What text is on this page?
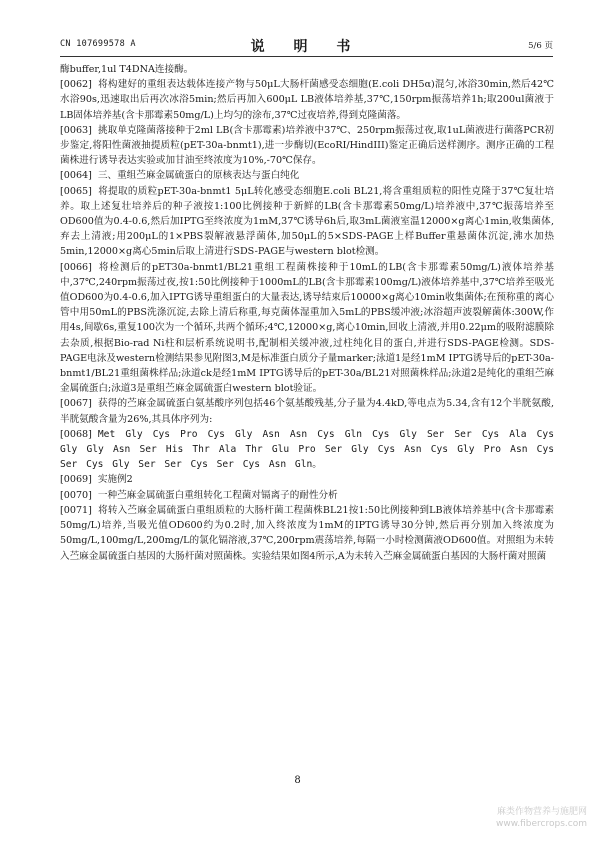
CN 107699578 A	说 明 书	5/6 页

酶buffer,1ul T4DNA连接酶。

[0062] 将构建好的重组表达载体连接产物与50μL大肠杆菌感受态细胞(E.coli DH5α)混匀,冰浴30min,然后42℃水浴90s,迅速取出后再次冰浴5min;然后再加入600μL LB液体培养基,37℃,150rpm振荡培养1h;取200ul菌液于LB固体培养基(含卡那霉素50mg/L)上均匀的涂布,37℃过夜培养,得到克隆菌落。

[0063] 挑取单克隆菌落接种于2ml LB(含卡那霉素)培养液中37℃、250rpm振荡过夜,取1uL菌液进行菌落PCR初步鉴定,将阳性菌液抽提质粒(pET-30a-bnmt1),进一步酶切(EcoRI/HindIII)鉴定正确后送样测序。测序正确的工程菌株进行诱导表达实验或加甘油至终浓度为10%,-70℃保存。

[0064] 三、重组苎麻金属硫蛋白的原核表达与蛋白纯化

[0065] 将提取的质粒pET-30a-bnmt1 5μL转化感受态细胞E.coli BL21,将含重组质粒的阳性克隆于37℃复壮培养。取上述复壮培养后的种子液按1:100比例接种于新鲜的LB(含卡那霉素50mg/L)培养液中,37℃振荡培养至OD600值为0.4-0.6,然后加IPTG至终浓度为1mM,37℃诱导6h后,取3mL菌液室温12000×g离心1min,收集菌体,弃去上清液;用200μL的1×PBS裂解液悬浮菌体,加50μL的5×SDS-PAGE上样Buffer重悬菌体沉淀,沸水加热5min,12000×g离心5min后取上清进行SDS-PAGE与western blot检测。

[0066] 将检测后的pET30a-bnmt1/BL21重组工程菌株接种于10mL的LB(含卡那霉素50mg/L)液体培养基中,37℃,240rpm振荡过夜,按1:50比例接种于1000mL的LB(含卡那霉素100mg/L)液体培养基中,37℃培养至吸光值OD600为0.4-0.6,加入IPTG诱导重组蛋白的大量表达,诱导结束后10000×g离心10min收集菌体;在预称重的离心管中用50mL的PBS洗涤沉淀,去除上清后称重,每克菌体湿重加入5mL的PBS缓冲液;冰浴超声波裂解菌体:300W,作用4s,间歇6s,重复100次为一个循环,共两个循环;4℃,12000×g,离心10min,回收上清液,并用0.22μm的吸附滤膜除去杂质,根据Bio-rad Ni柱和层析系统说明书,配制相关缓冲液,过柱纯化目的蛋白,并进行SDS-PAGE检测。SDS-PAGE电泳及western检测结果参见附图3,M是标准蛋白质分子量marker;泳道1是经1mM IPTG诱导后的pET-30a-bnmt1/BL21重组菌株样品;泳道ck是经1mM IPTG诱导后的pET-30a/BL21对照菌株样品;泳道2是纯化的重组苎麻金属硫蛋白;泳道3是重组苎麻金属硫蛋白western blot验证。

[0067] 获得的苎麻金属硫蛋白氨基酸序列包括46个氨基酸残基,分子量为4.4kD,等电点为5.34,含有12个半胱氨酸,半胱氨酸含量为26%,其具体序列为:

[0068] Met Gly Cys Pro Cys Gly Asn Asn Cys Gln Cys Gly Ser Ser Cys Ala Cys Gly Gly Asn Ser His Thr Ala Thr Glu Pro Ser Gly Cys Asn Cys Gly Pro Asn Cys Ser Cys Gly Ser Ser Cys Ser Cys Asn Gln。

[0069] 实施例2

[0070] 一种苎麻金属硫蛋白重组转化工程菌对镉离子的耐性分析

[0071] 将转入苎麻金属硫蛋白重组质粒的大肠杆菌工程菌株BL21按1:50比例接种到LB液体培养基中(含卡那霉素50mg/L)培养,当吸光值OD600约为0.2时,加入终浓度为1mM的IPTG诱导30分钟,然后再分别加入终浓度为50mg/L,100mg/L,200mg/L的氯化镉溶液,37℃,200rpm震荡培养,每隔一小时检测菌液OD600值。对照组为未转入苎麻金属硫蛋白基因的大肠杆菌对照菌株。实验结果如图4所示,A为未转入苎麻金属硫蛋白基因的大肠杆菌对照菌

8
麻类作物营养与施肥网
www.fibercrops.com
